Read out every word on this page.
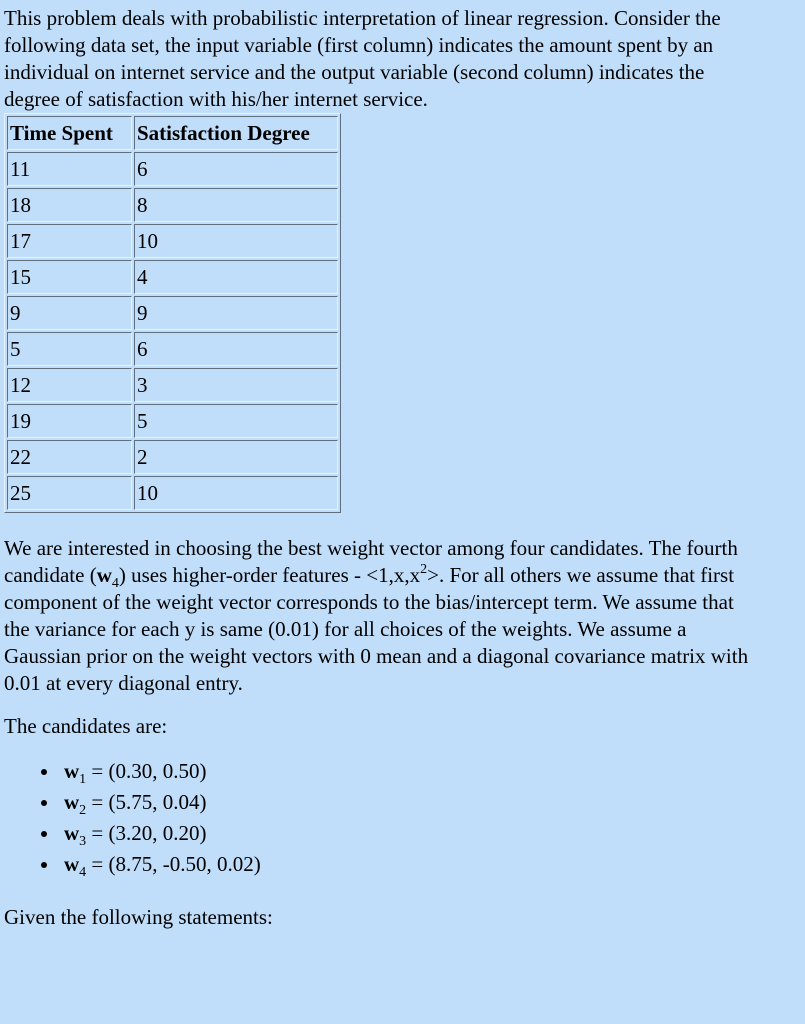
This problem deals with probabilistic interpretation of linear regression. Consider the following data set, the input variable (first column) indicates the amount spent by an individual on internet service and the output variable (second column) indicates the degree of satisfaction with his/her internet service.

Time Spent	Satisfaction Degree
11	6
18	8
17	10
15	4
9	9
5	6
12	3
19	5
22	2
25	10

We are interested in choosing the best weight vector among four candidates. The fourth candidate $(w_4)$ uses higher-order features - $<1,x,x^2>$. For all others we assume that first component of the weight vector corresponds to the bias/intercept term. We assume that the variance for each y is same (0.01) for all choices of the weights. We assume a Gaussian prior on the weight vectors with 0 mean and a diagonal covariance matrix with 0.01 at every diagonal entry.

The candidates are:

• $w_1 = (0.30$, 0.50)
• $w_2 = (5.75$, 0.04)
• $w_3 = (3.20$, 0.20)
• $w_4 = (8.75$, -0.50, 0.02)

Given the following statements:
